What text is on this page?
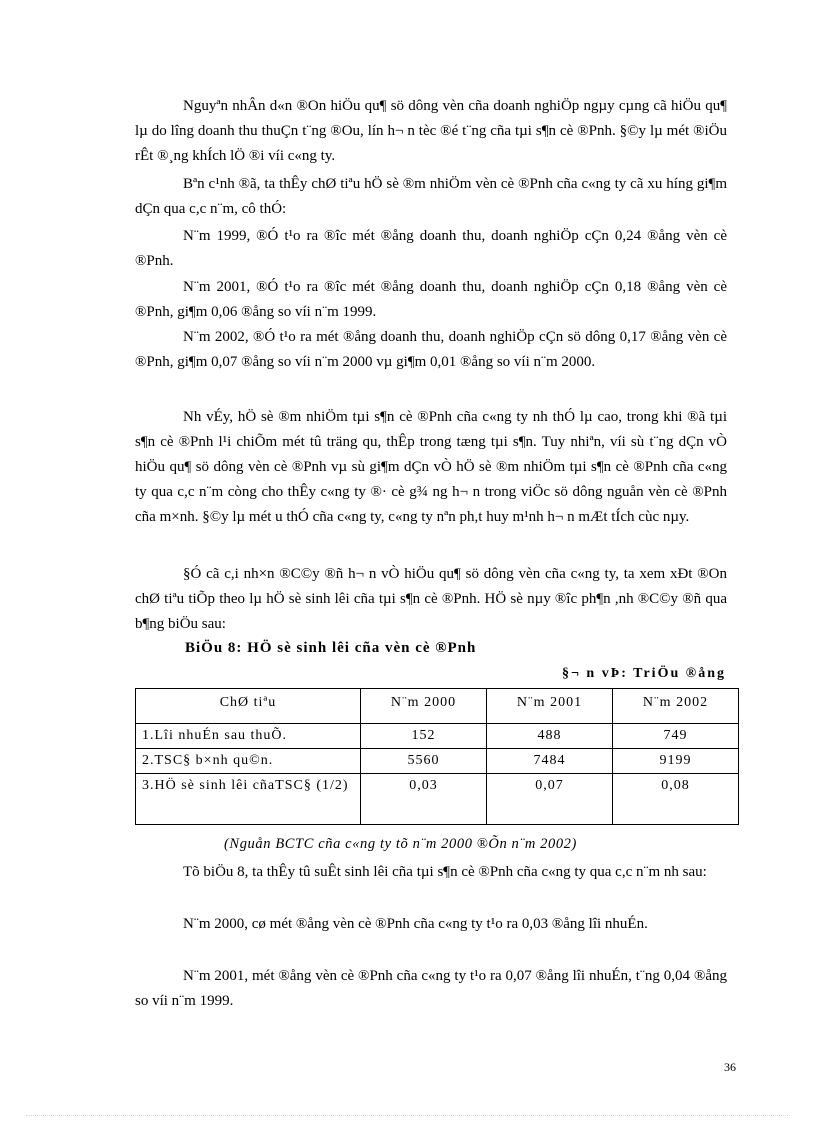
Nguyªn nhÂn d«n ®On hiÖu qu¶ sö dông vèn cña doanh nghiÖp ngµy cµng cã hiÖu qu¶ lµ do lîng doanh thu thuÇn t¨ng ®Ou, lín h¬ n tèc ®é t¨ng cña tµi s¶n cè ®Pnh. §©y lµ mét ®iÖu rÊt ®¸ng khÍch lÖ ®i víi c«ng ty.

Bªn c¹nh ®ã, ta thÊy chØ tiªu hÖ sè ®m nhiÖm vèn cè ®Pnh cña c«ng ty cã xu híng gi¶m dÇn qua c,c n¨m, cô thÓ:

N¨m 1999, ®Ó t¹o ra ®îc mét ®ång doanh thu, doanh nghiÖp cÇn 0,24 ®ång vèn cè ®Pnh.

N¨m 2001, ®Ó t¹o ra ®îc mét ®ång doanh thu, doanh nghiÖp cÇn 0,18 ®ång vèn cè ®Pnh, gi¶m 0,06 ®ång so víi n¨m 1999.

N¨m 2002, ®Ó t¹o ra mét ®ång doanh thu, doanh nghiÖp cÇn sö dông 0,17 ®ång vèn cè ®Pnh, gi¶m 0,07 ®ång so víi n¨m 2000 vµ gi¶m 0,01 ®ång so víi n¨m 2000.

Nh vÉy, hÖ sè ®m nhiÖm tµi s¶n cè ®Pnh cña c«ng ty nh thÓ lµ cao, trong khi ®ã tµi s¶n cè ®Pnh l¹i chiÕm mét tû träng qu, thÊp trong tæng tµi s¶n. Tuy nhiªn, víi sù t¨ng dÇn vÒ hiÖu qu¶ sö dông vèn cè ®Pnh vµ sù gi¶m dÇn vÒ hÖ sè ®m nhiÖm tµi s¶n cè ®Pnh cña c«ng ty qua c,c n¨m còng cho thÊy c«ng ty ®· cè g¾ ng h¬ n trong viÖc sö dông nguån vèn cè ®Pnh cña m×nh. §©y lµ mét u thÓ cña c«ng ty, c«ng ty nªn ph,t huy m¹nh h¬ n mÆt tÍch cùc nµy.

§Ó cã c,i nh×n ®C©y ®ñ h¬ n vÒ hiÖu qu¶ sö dông vèn cña c«ng ty, ta xem xÐt ®On chØ tiªu tiÕp theo lµ hÖ sè sinh lêi cña tµi s¶n cè ®Pnh. HÖ sè nµy ®îc ph¶n ,nh ®C©y ®ñ qua b¶ng biÖu sau:

BiÖu 8: HÖ sè sinh lêi cña vèn cè ®Pnh

§¬ n vÞ: TriÖu ®ång

ChØ tiªu	N¨m 2000	N¨m 2001	N¨m 2002
1.Lîi nhuÉn sau thuÕ.	152	488	749
2.TSC§ b×nh qu©n.	5560	7484	9199
3.HÖ sè sinh lêi cñaTSC§ (1/2)	0,03	0,07	0,08

(Nguån BCTC cña c«ng ty tõ n¨m 2000 ®Õn n¨m 2002)

Tõ biÖu 8, ta thÊy tû suÊt sinh lêi cña tµi s¶n cè ®Pnh cña c«ng ty qua c,c n¨m nh sau:

N¨m 2000, cø mét ®ång vèn cè ®Pnh cña c«ng ty t¹o ra 0,03 ®ång lîi nhuÉn.

N¨m 2001, mét ®ång vèn cè ®Pnh cña c«ng ty t¹o ra 0,07 ®ång lîi nhuÉn, t¨ng 0,04 ®ång so víi n¨m 1999.

36
